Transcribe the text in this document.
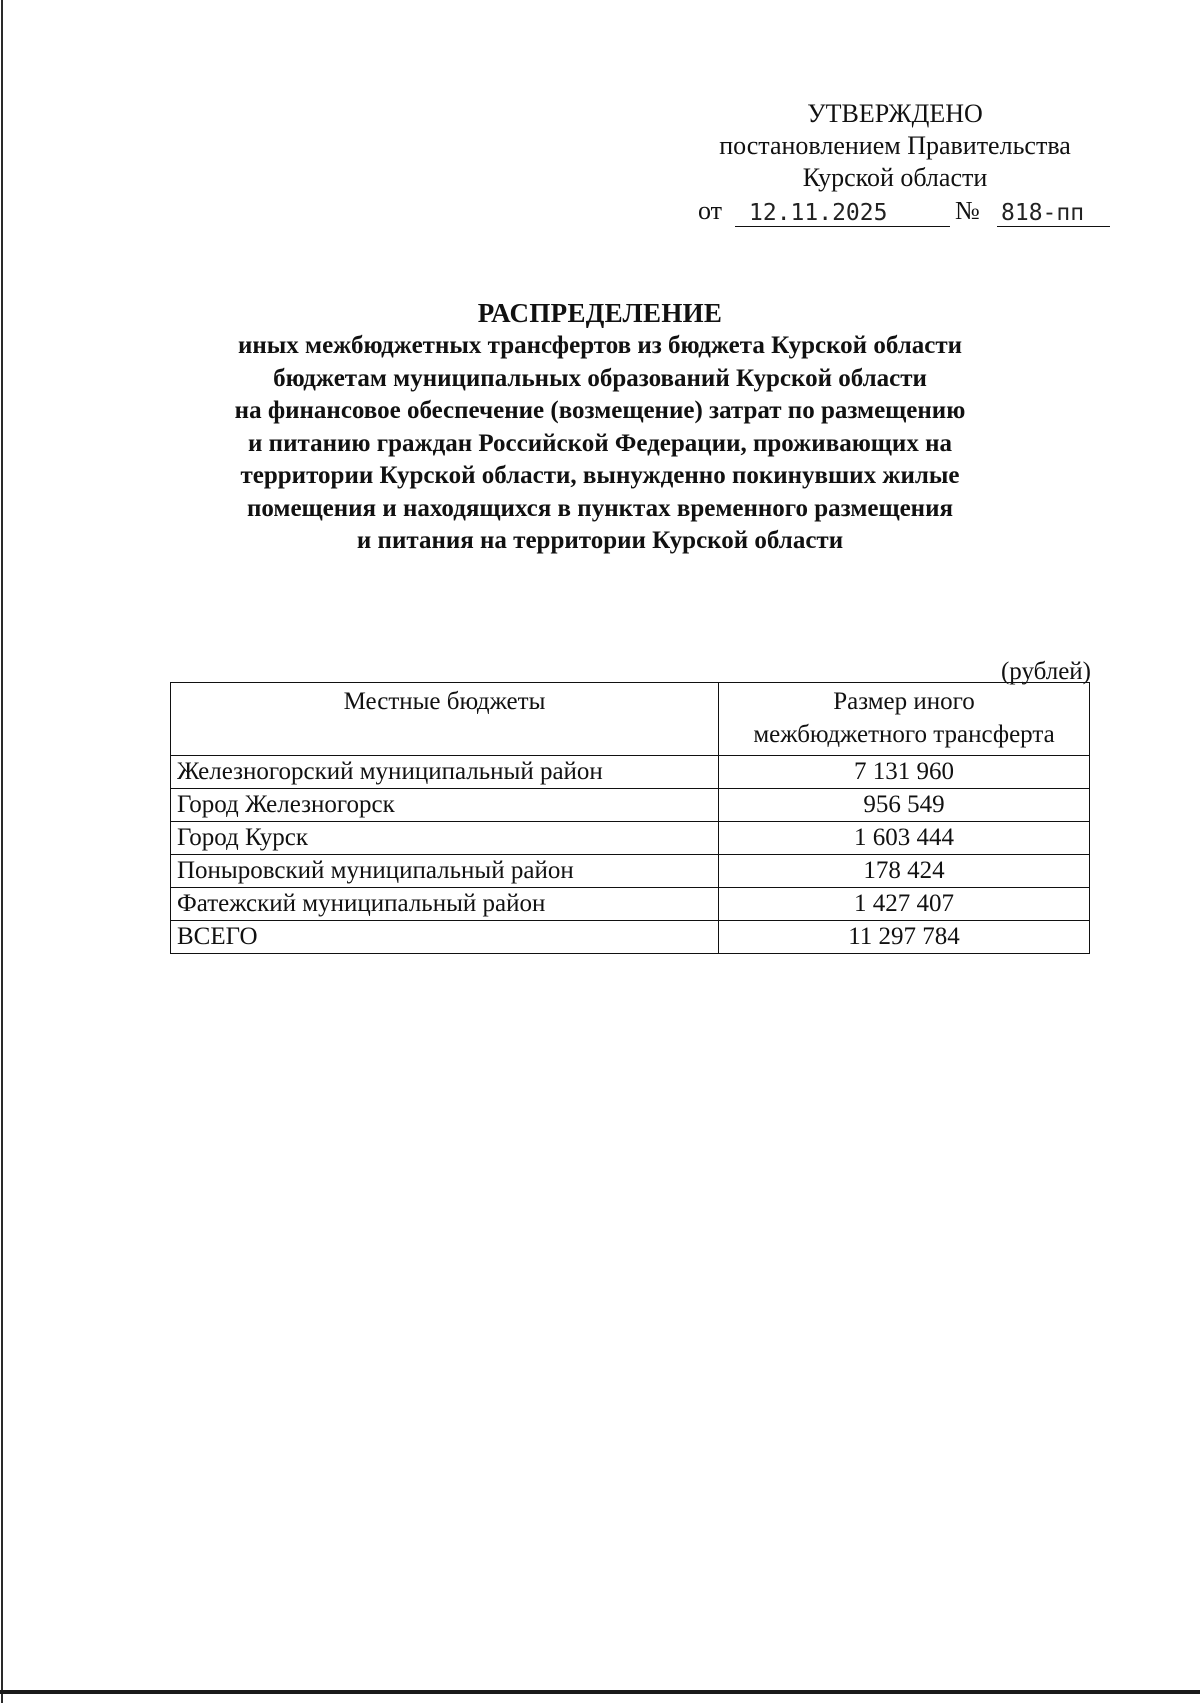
УТВЕРЖДЕНО
постановлением Правительства
Курской области
от 12.11.2025	№ 818-пп
РАСПРЕДЕЛЕНИЕ
иных межбюджетных трансфертов из бюджета Курской области
бюджетам муниципальных образований Курской области
на финансовое обеспечение (возмещение) затрат по размещению
и питанию граждан Российской Федерации, проживающих на
территории Курской области, вынужденно покинувших жилые
помещения и находящихся в пунктах временного размещения
и питания на территории Курской области
(рублей)
Местные бюджеты	Размер иного
межбюджетного трансферта
Железногорский муниципальный район	7 131 960
Город Железногорск	956 549
Город Курск	1 603 444
Поныровский муниципальный район	178 424
Фатежский муниципальный район	1 427 407
ВСЕГО	11 297 784
